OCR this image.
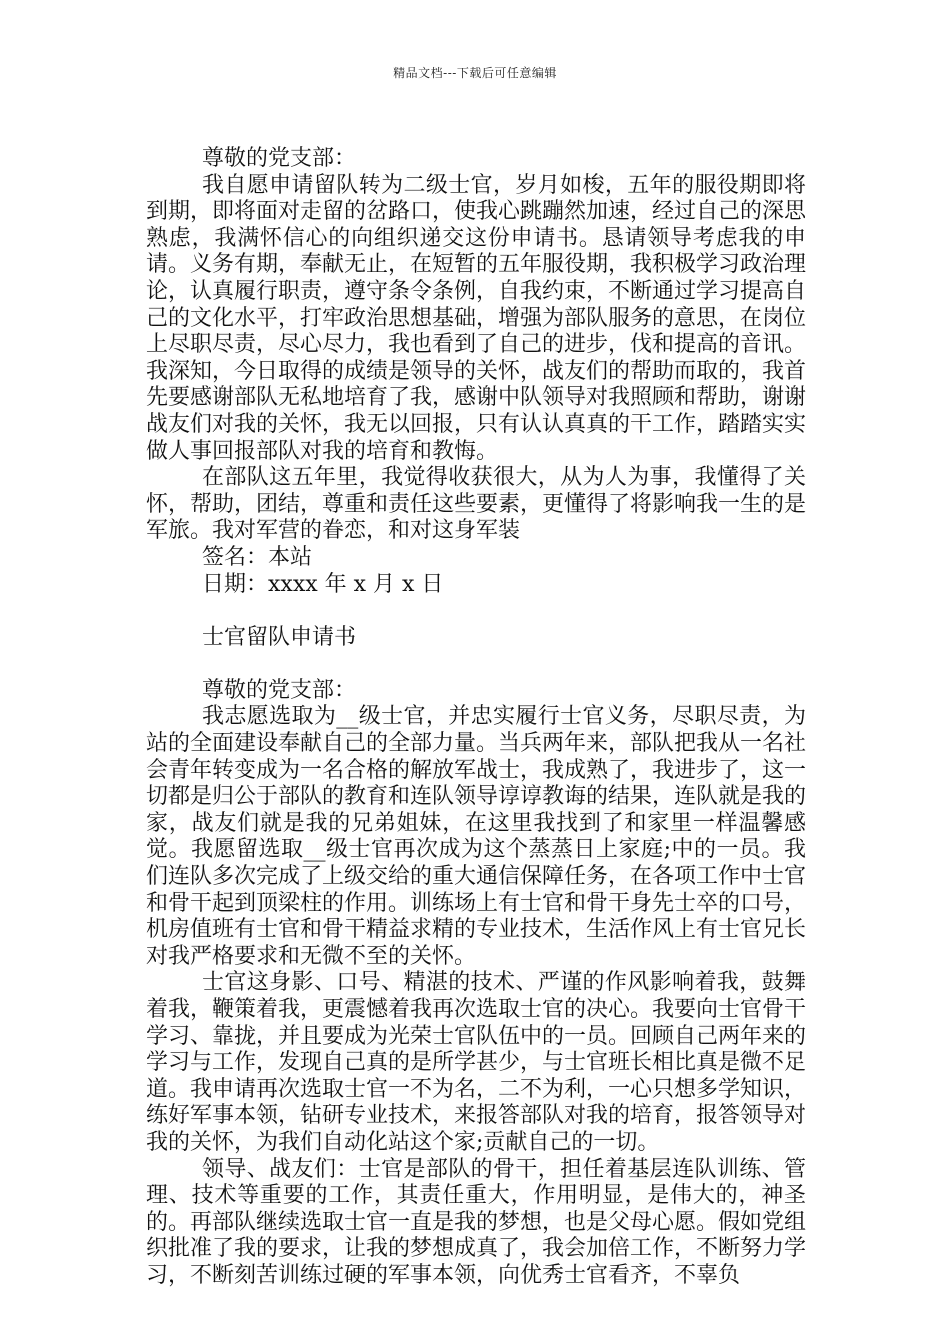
精品文档---下载后可任意编辑

尊敬的党支部：

我自愿申请留队转为二级士官，岁月如梭，五年的服役期即将到期，即将面对走留的岔路口，使我心跳蹦然加速，经过自己的深思熟虑，我满怀信心的向组织递交这份申请书。恳请领导考虑我的申请。义务有期，奉献无止，在短暂的五年服役期，我积极学习政治理论，认真履行职责，遵守条令条例，自我约束，不断通过学习提高自己的文化水平，打牢政治思想基础，增强为部队服务的意思，在岗位上尽职尽责，尽心尽力，我也看到了自己的进步，伐和提高的音讯。我深知，今日取得的成绩是领导的关怀，战友们的帮助而取的，我首先要感谢部队无私地培育了我，感谢中队领导对我照顾和帮助，谢谢战友们对我的关怀，我无以回报，只有认认真真的干工作，踏踏实实做人事回报部队对我的培育和教悔。

在部队这五年里，我觉得收获很大，从为人为事，我懂得了关怀，帮助，团结，尊重和责任这些要素，更懂得了将影响我一生的是军旅。我对军营的眷恋，和对这身军装

签名：本站

日期：xxxx 年 x 月 x 日

士官留队申请书

尊敬的党支部：

我志愿选取为__级士官，并忠实履行士官义务，尽职尽责，为站的全面建设奉献自己的全部力量。当兵两年来，部队把我从一名社会青年转变成为一名合格的解放军战士，我成熟了，我进步了，这一切都是归公于部队的教育和连队领导谆谆教诲的结果，连队就是我的家，战友们就是我的兄弟姐妹，在这里我找到了和家里一样温馨感觉。我愿留选取__级士官再次成为这个蒸蒸日上家庭;中的一员。我们连队多次完成了上级交给的重大通信保障任务，在各项工作中士官和骨干起到顶梁柱的作用。训练场上有士官和骨干身先士卒的口号，机房值班有士官和骨干精益求精的专业技术，生活作风上有士官兄长对我严格要求和无微不至的关怀。

士官这身影、口号、精湛的技术、严谨的作风影响着我，鼓舞着我，鞭策着我，更震憾着我再次选取士官的决心。我要向士官骨干学习、靠拢，并且要成为光荣士官队伍中的一员。回顾自己两年来的学习与工作，发现自己真的是所学甚少，与士官班长相比真是微不足道。我申请再次选取士官一不为名，二不为利，一心只想多学知识，练好军事本领，钻研专业技术，来报答部队对我的培育，报答领导对我的关怀，为我们自动化站这个家;贡献自己的一切。

领导、战友们：士官是部队的骨干，担任着基层连队训练、管理、技术等重要的工作，其责任重大，作用明显，是伟大的，神圣的。再部队继续选取士官一直是我的梦想，也是父母心愿。假如党组织批准了我的要求，让我的梦想成真了，我会加倍工作，不断努力学习，不断刻苦训练过硬的军事本领，向优秀士官看齐，不辜负
